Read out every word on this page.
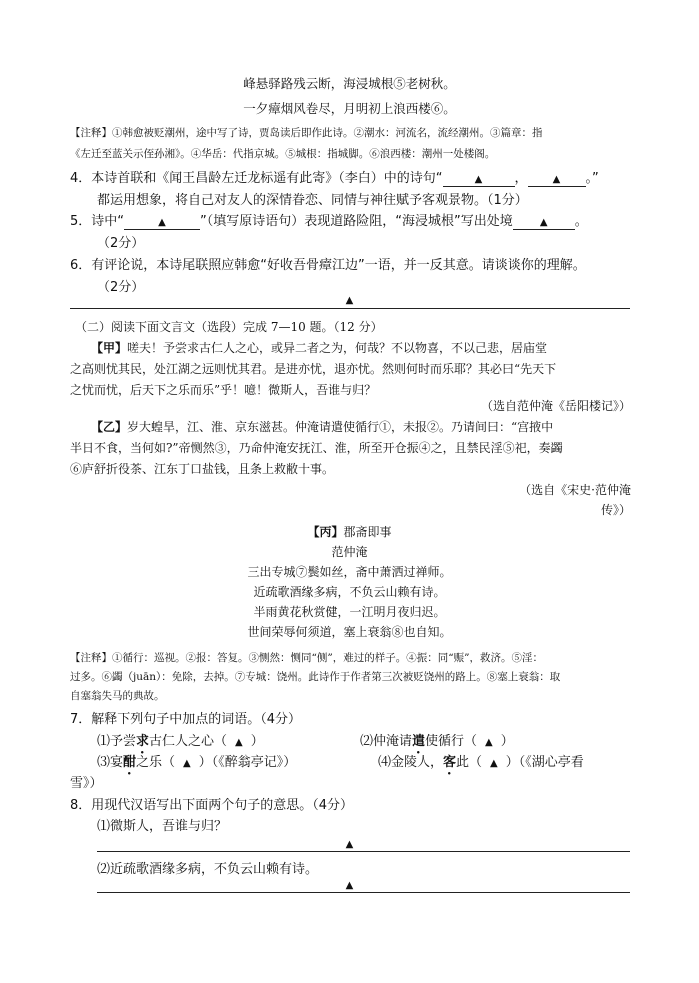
峰悬驿路残云断，海浸城根⑤老树秋。
一夕瘴烟风卷尽，月明初上浪西楼⑥。
【注释】①韩愈被贬潮州，途中写了诗，贾岛读后即作此诗。②潮水：河流名，流经潮州。③篇章：指
《左迁至蓝关示侄孙湘》。④华岳：代指京城。⑤城根：指城脚。⑥浪西楼：潮州一处楼阁。
4．本诗首联和《闻王昌龄左迁龙标遥有此寄》（李白）中的诗句“	▲ ，	▲ 。”
都运用想象，将自己对友人的深情眷恋、同情与神往赋予客观景物。（1分）
5．诗中“	▲	”（填写原诗语句）表现道路险阻，“海浸城根”写出处境	▲ 。
（2分）
6．有评论说，本诗尾联照应韩愈“好收吾骨瘴江边”一语，并一反其意。请谈谈你的理解。
（2分）
▲
（二）阅读下面文言文（选段）完成 7—10 题。（12 分）
【甲】嗟夫！予尝求古仁人之心，或异二者之为，何哉？不以物喜，不以己悲，居庙堂
之高则忧其民，处江湖之远则忧其君。是进亦忧，退亦忧。然则何时而乐耶？其必曰“先天下
之忧而忧，后天下之乐而乐”乎！噫！微斯人，吾谁与归？
（选自范仲淹《岳阳楼记》）
【乙】岁大蝗旱，江、淮、京东滋甚。仲淹请遣使循行①，未报②。乃请间曰：“宫掖中
半日不食，当何如?”帝恻然③，乃命仲淹安抚江、淮，所至开仓振④之，且禁民淫⑤祀，奏蠲
⑥庐舒折役茶、江东丁口盐钱，且条上救敝十事。
（选自《宋史·范仲淹
传》）
【丙】郡斋即事
范仲淹
三出专城⑦鬓如丝，斋中萧洒过禅师。
近疏歌酒缘多病，不负云山赖有诗。
半雨黄花秋赏健，一江明月夜归迟。
世间荣辱何须道，塞上衰翁⑧也自知。
【注释】①循行：巡视。②报：答复。③恻然：恻同“侧”，难过的样子。④振：同“赈”，救济。⑤淫：
过多。⑥蠲（juān）：免除，去掉。⑦专城：饶州。此诗作于作者第三次被贬饶州的路上。⑧塞上衰翁：取
自塞翁失马的典故。
7．解释下列句子中加点的词语。（4分）
⑴予尝求古仁人之心（ ▲ ）	⑵仲淹请遣使循行（ ▲ ）
⑶宴酣之乐（ ▲ ）（《醉翁亭记》）	⑷金陵人，客此（ ▲ ）（《湖心亭看
雪》）
8．用现代汉语写出下面两个句子的意思。（4分）
⑴微斯人，吾谁与归？
▲
⑵近疏歌酒缘多病，不负云山赖有诗。
▲
